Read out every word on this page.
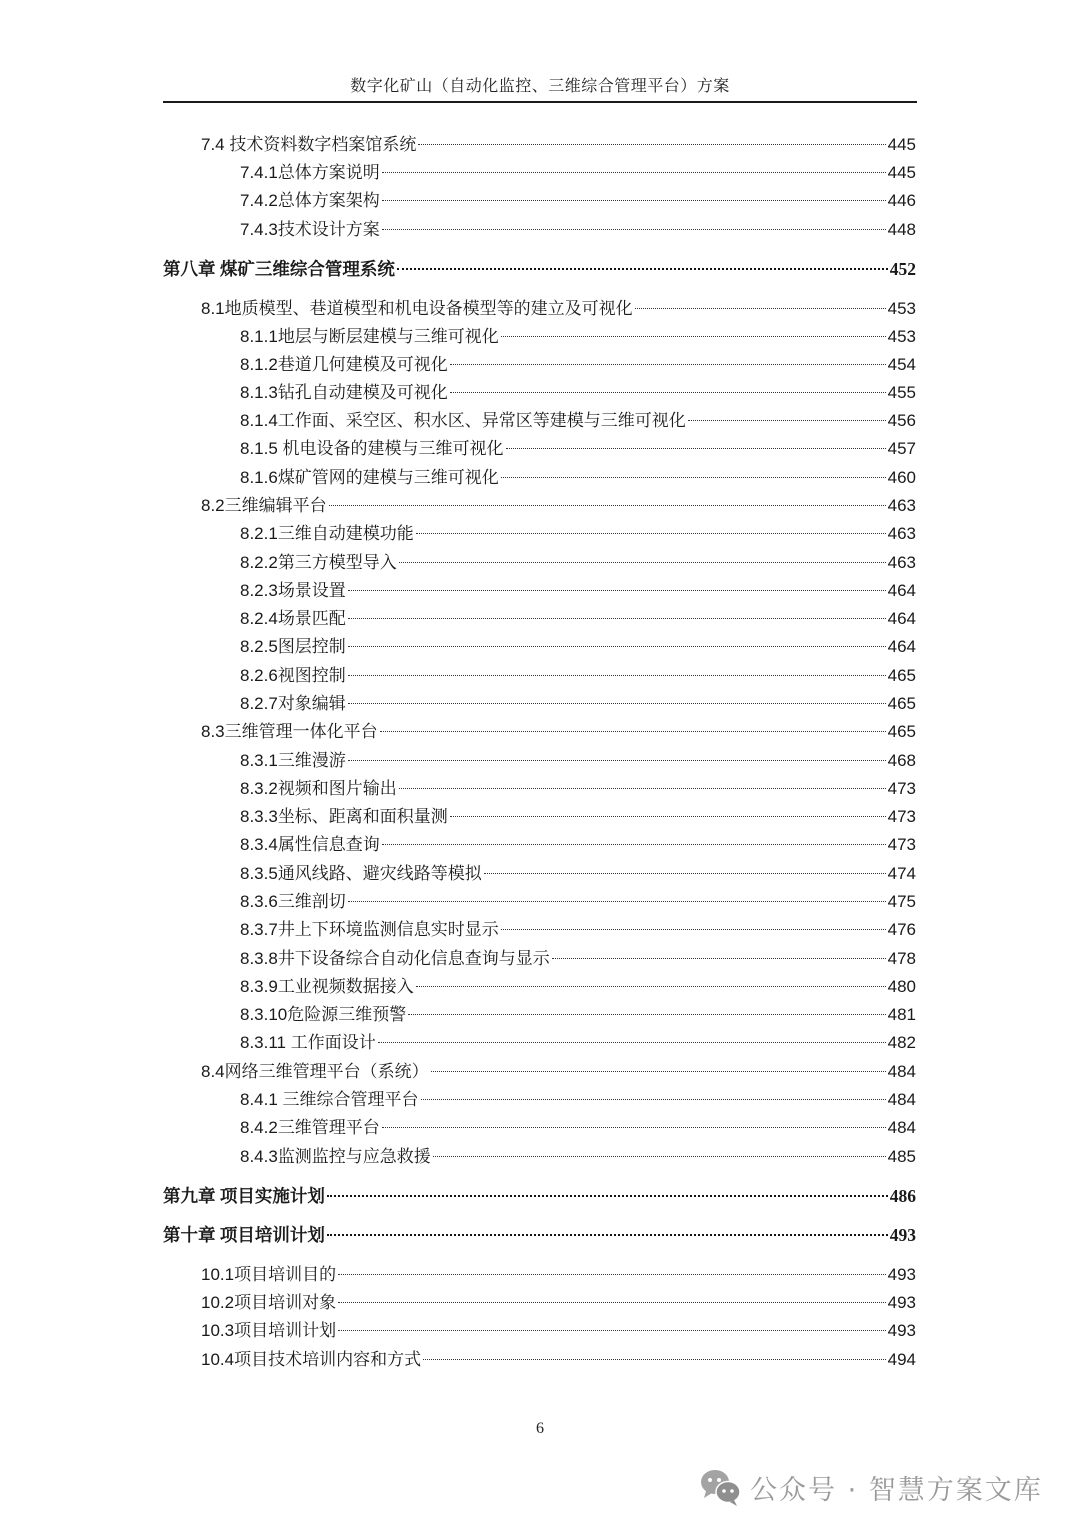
数字化矿山（自动化监控、三维综合管理平台）方案
7.4 技术资料数字档案馆系统	445
7.4.1总体方案说明	445
7.4.2总体方案架构	446
7.4.3技术设计方案	448
第八章 煤矿三维综合管理系统	452
8.1地质模型、巷道模型和机电设备模型等的建立及可视化	453
8.1.1地层与断层建模与三维可视化	453
8.1.2巷道几何建模及可视化	454
8.1.3钻孔自动建模及可视化	455
8.1.4工作面、采空区、积水区、异常区等建模与三维可视化	456
8.1.5 机电设备的建模与三维可视化	457
8.1.6煤矿管网的建模与三维可视化	460
8.2三维编辑平台	463
8.2.1三维自动建模功能	463
8.2.2第三方模型导入	463
8.2.3场景设置	464
8.2.4场景匹配	464
8.2.5图层控制	464
8.2.6视图控制	465
8.2.7对象编辑	465
8.3三维管理一体化平台	465
8.3.1三维漫游	468
8.3.2视频和图片输出	473
8.3.3坐标、距离和面积量测	473
8.3.4属性信息查询	473
8.3.5通风线路、避灾线路等模拟	474
8.3.6三维剖切	475
8.3.7井上下环境监测信息实时显示	476
8.3.8井下设备综合自动化信息查询与显示	478
8.3.9工业视频数据接入	480
8.3.10危险源三维预警	481
8.3.11 工作面设计	482
8.4网络三维管理平台（系统）	484
8.4.1 三维综合管理平台	484
8.4.2三维管理平台	484
8.4.3监测监控与应急救援	485
第九章 项目实施计划	486
第十章 项目培训计划	493
10.1项目培训目的	493
10.2项目培训对象	493
10.3项目培训计划	493
10.4项目技术培训内容和方式	494
6
公众号 · 智慧方案文库
